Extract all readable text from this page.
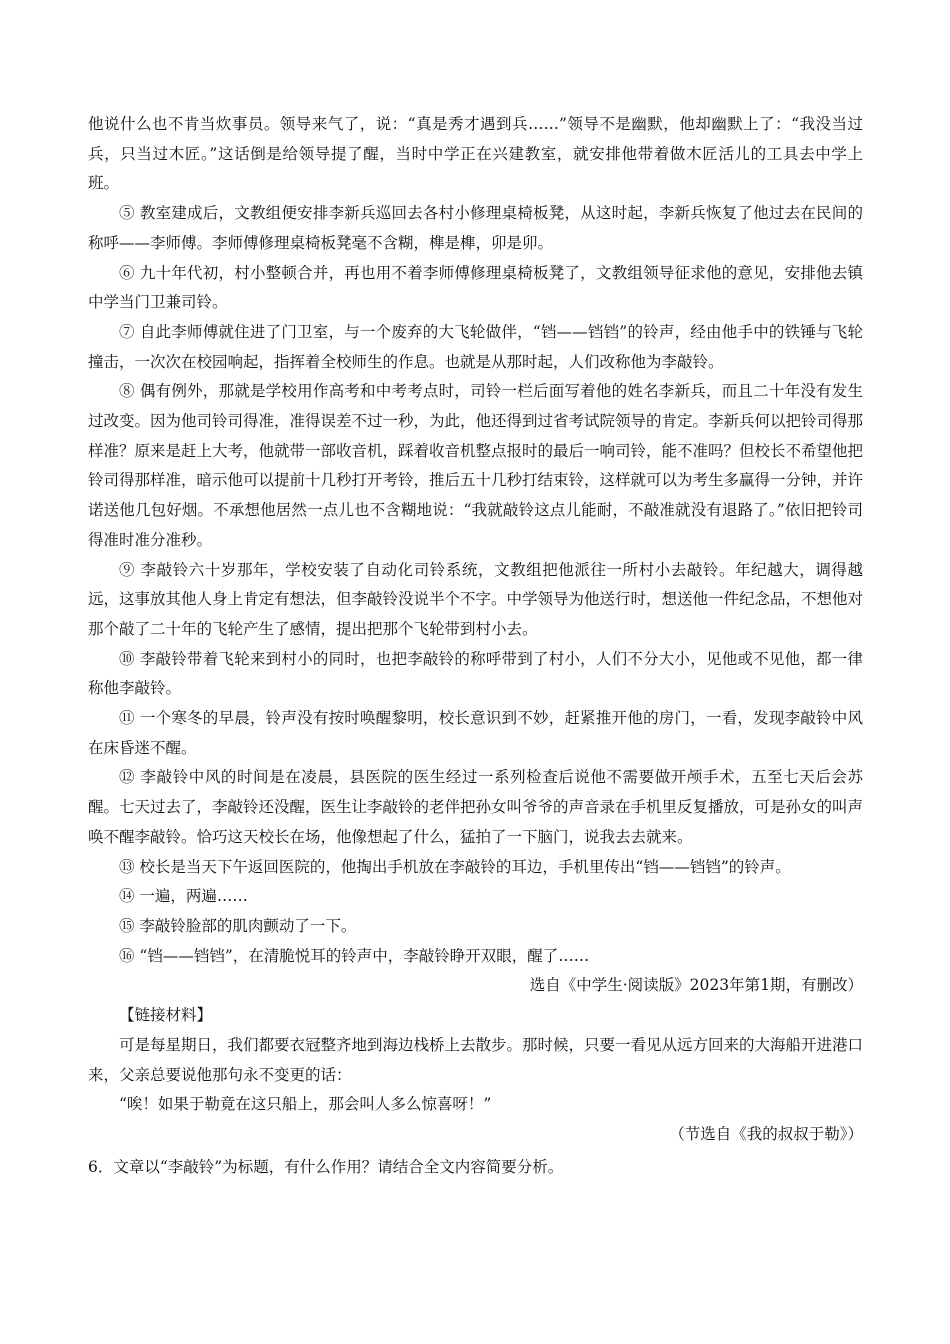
他说什么也不肯当炊事员。领导来气了，说：“真是秀才遇到兵……”领导不是幽默，他却幽默上了：“我没当过兵，只当过木匠。”这话倒是给领导提了醒，当时中学正在兴建教室，就安排他带着做木匠活儿的工具去中学上班。

⑤ 教室建成后，文教组便安排李新兵巡回去各村小修理桌椅板凳，从这时起，李新兵恢复了他过去在民间的称呼——李师傅。李师傅修理桌椅板凳毫不含糊，榫是榫，卯是卯。

⑥ 九十年代初，村小整顿合并，再也用不着李师傅修理桌椅板凳了，文教组领导征求他的意见，安排他去镇中学当门卫兼司铃。

⑦ 自此李师傅就住进了门卫室，与一个废弃的大飞轮做伴，“铛——铛铛”的铃声，经由他手中的铁锤与飞轮撞击，一次次在校园响起，指挥着全校师生的作息。也就是从那时起，人们改称他为李敲铃。

⑧ 偶有例外，那就是学校用作高考和中考考点时，司铃一栏后面写着他的姓名李新兵，而且二十年没有发生过改变。因为他司铃司得准，准得误差不过一秒，为此，他还得到过省考试院领导的肯定。李新兵何以把铃司得那样准？原来是赶上大考，他就带一部收音机，踩着收音机整点报时的最后一响司铃，能不准吗？但校长不希望他把铃司得那样准，暗示他可以提前十几秒打开考铃，推后五十几秒打结束铃，这样就可以为考生多赢得一分钟，并许诺送他几包好烟。不承想他居然一点儿也不含糊地说：“我就敲铃这点儿能耐，不敲准就没有退路了。”依旧把铃司得准时准分准秒。

⑨ 李敲铃六十岁那年，学校安装了自动化司铃系统，文教组把他派往一所村小去敲铃。年纪越大，调得越远，这事放其他人身上肯定有想法，但李敲铃没说半个不字。中学领导为他送行时，想送他一件纪念品，不想他对那个敲了二十年的飞轮产生了感情，提出把那个飞轮带到村小去。

⑩ 李敲铃带着飞轮来到村小的同时，也把李敲铃的称呼带到了村小，人们不分大小，见他或不见他，都一律称他李敲铃。

⑪ 一个寒冬的早晨，铃声没有按时唤醒黎明，校长意识到不妙，赶紧推开他的房门，一看，发现李敲铃中风在床昏迷不醒。

⑫ 李敲铃中风的时间是在凌晨，县医院的医生经过一系列检查后说他不需要做开颅手术，五至七天后会苏醒。七天过去了，李敲铃还没醒，医生让李敲铃的老伴把孙女叫爷爷的声音录在手机里反复播放，可是孙女的叫声唤不醒李敲铃。恰巧这天校长在场，他像想起了什么，猛拍了一下脑门，说我去去就来。

⑬ 校长是当天下午返回医院的，他掏出手机放在李敲铃的耳边，手机里传出“铛——铛铛”的铃声。

⑭ 一遍，两遍……

⑮ 李敲铃脸部的肌肉颤动了一下。

⑯ “铛——铛铛”，在清脆悦耳的铃声中，李敲铃睁开双眼，醒了……

选自《中学生·阅读版》2023年第1期，有删改）

【链接材料】

可是每星期日，我们都要衣冠整齐地到海边栈桥上去散步。那时候，只要一看见从远方回来的大海船开进港口来，父亲总要说他那句永不变更的话：

“唉！如果于勒竟在这只船上，那会叫人多么惊喜呀！”

（节选自《我的叔叔于勒》）

6．文章以“李敲铃”为标题，有什么作用？请结合全文内容简要分析。
